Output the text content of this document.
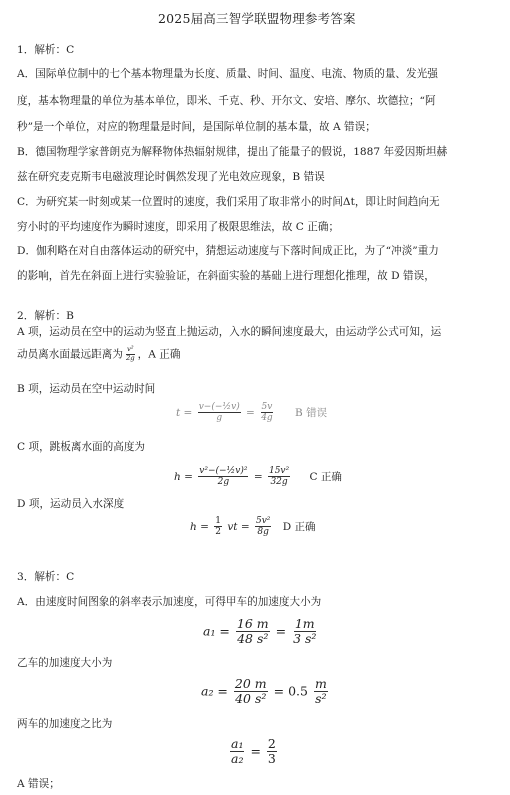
2025届高三智学联盟物理参考答案
1．解析：C
A．国际单位制中的七个基本物理量为长度、质量、时间、温度、电流、物质的量、发光强
度，基本物理量的单位为基本单位，即米、千克、秒、开尔文、安培、摩尔、坎德拉；“阿
秒”是一个单位，对应的物理量是时间，是国际单位制的基本量，故 A 错误；
B．德国物理学家普朗克为解释物体热辐射规律，提出了能量子的假说，1887 年爱因斯坦赫
兹在研究麦克斯韦电磁波理论时偶然发现了光电效应现象，B 错误
C．为研究某一时刻或某一位置时的速度，我们采用了取非常小的时间Δt，即让时间趋向无
穷小时的平均速度作为瞬时速度，即采用了极限思维法，故 C 正确；
D．伽利略在对自由落体运动的研究中，猜想运动速度与下落时间成正比，为了“冲淡”重力
的影响，首先在斜面上进行实验验证，在斜面实验的基础上进行理想化推理，故 D 错误，
2．解析：B
A 项，运动员在空中的运动为竖直上抛运动，入水的瞬间速度最大，由运动学公式可知，运
动员离水面最远距离为 $\frac{\text{v²}}{2g}$ ，A 正确
B 项，运动员在空中运动时间
$t = \frac{\text{v−(−½v)}}{g} = \frac{5v}{4g}$ B 错误
C 项，跳板离水面的高度为
$h = \frac{\text{v²−(−½v)²}}{2g} = \frac{\text{15v²}}{32g}$ C 正确
D 项，运动员入水深度
$h = \frac{1}{2}$ vt = $\frac{\text{5v²}}{8g}$ D 正确
3．解析：C
A．由速度时间图象的斜率表示加速度，可得甲车的加速度大小为
$a_1 = \frac{16 m}{\text{48 s²}} = \frac{1m}{\text{3 s²}}$
乙车的加速度大小为
$a_2 = \frac{20 m}{\text{40 s²}} = 0.5 \frac{m}{\text{s²}}$
两车的加速度之比为
$\frac{\text{a₁}}{\text{a₂}} = \frac{2}{3}$
A 错误；
